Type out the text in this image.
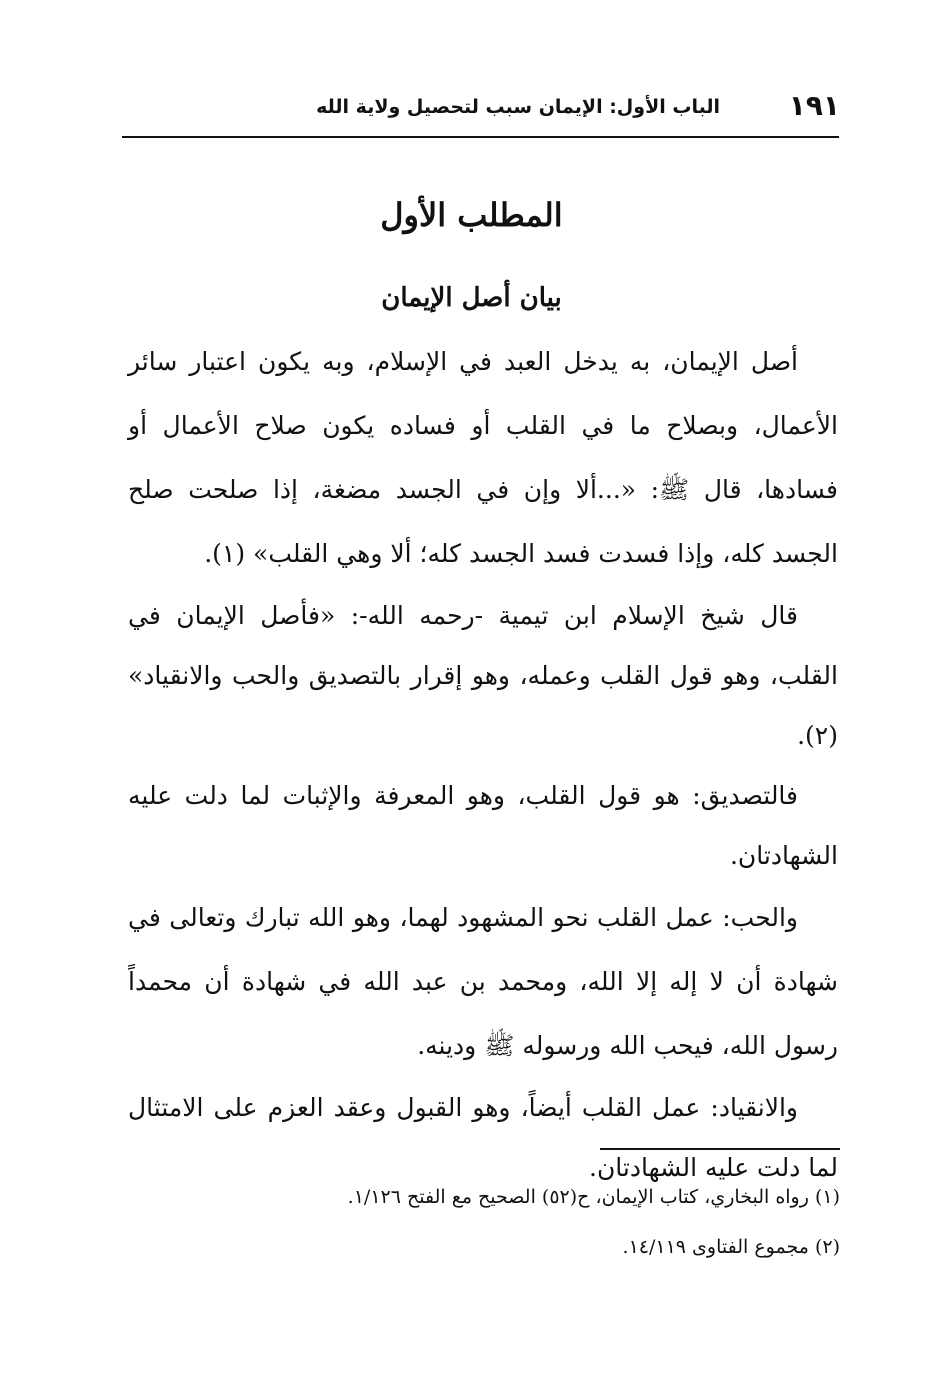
١٩١
الباب الأول: الإيمان سبب لتحصيل ولاية الله
المطلب الأول
بيان أصل الإيمان

أصل الإيمان، به يدخل العبد في الإسلام، وبه يكون اعتبار سائر الأعمال، وبصلاح ما في القلب أو فساده يكون صلاح الأعمال أو فسادها، قال ﷺ: «...ألا وإن في الجسد مضغة، إذا صلحت صلح الجسد كله، وإذا فسدت فسد الجسد كله؛ ألا وهي القلب» (١).

قال شيخ الإسلام ابن تيمية -رحمه الله-: «فأصل الإيمان في القلب، وهو قول القلب وعمله، وهو إقرار بالتصديق والحب والانقياد» (٢).

فالتصديق: هو قول القلب، وهو المعرفة والإثبات لما دلت عليه الشهادتان.

والحب: عمل القلب نحو المشهود لهما، وهو الله تبارك وتعالى في شهادة أن لا إله إلا الله، ومحمد بن عبد الله في شهادة أن محمداً رسول الله، فيحب الله ورسوله ﷺ ودينه.

والانقياد: عمل القلب أيضاً، وهو القبول وعقد العزم على الامتثال لما دلت عليه الشهادتان.

(١) رواه البخاري، كتاب الإيمان، ح(٥٢) الصحيح مع الفتح ١/١٢٦.
(٢) مجموع الفتاوى ١٤/١١٩.
